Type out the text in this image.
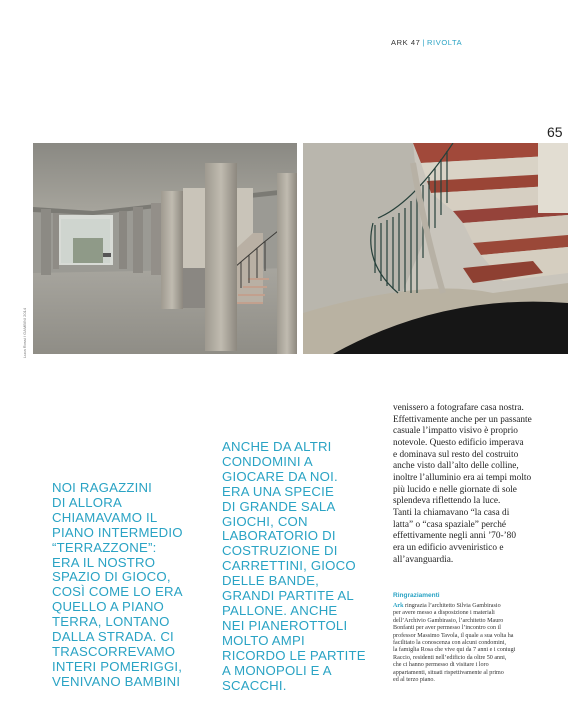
ARK 47 | RIVOLTA
65
Luca Rossi / GAMBINI 2014

NOI RAGAZZINI

DI ALLORA

CHIAMAVAMO IL

PIANO INTERMEDIO

“TERRAZZONE”:

ERA IL NOSTRO

SPAZIO DI GIOCO,

COSÌ COME LO ERA

QUELLO A PIANO

TERRA, LONTANO

DALLA STRADA. CI

TRASCORREVAMO

INTERI POMERIGGI,

VENIVANO BAMBINI

ANCHE DA ALTRI

CONDOMINI A

GIOCARE DA NOI.

ERA UNA SPECIE

DI GRANDE SALA

GIOCHI, CON

LABORATORIO DI

COSTRUZIONE DI

CARRETTINI, GIOCO

DELLE BANDE,

GRANDI PARTITE AL

PALLONE. ANCHE

NEI PIANEROTTOLI

MOLTO AMPI

RICORDO LE PARTITE

A MONOPOLI E A

SCACCHI.

venissero a fotografare casa nostra.
Effettivamente anche per un passante
casuale l’impatto visivo è proprio
notevole. Questo edificio imperava
e dominava sul resto del costruito
anche visto dall’alto delle colline,
inoltre l’alluminio era ai tempi molto
più lucido e nelle giornate di sole
splendeva riflettendo la luce.
Tanti la chiamavano “la casa di
latta” o “casa spaziale” perché
effettivamente negli anni ’70-’80
era un edificio avveniristico e
all’avanguardia.
Ringraziamenti
Ark ringrazia l’architetto Silvia Gambirasio
per avere messo a disposizione i materiali
dell’Archivio Gambirasio, l’architetto Mauro
Bonfanti per aver permesso l’incontro con il
professor Massimo Tavola, il quale a sua volta ha
facilitato la conoscenza con alcuni condomini,
la famiglia Rosa che vive qui da 7 anni e i coniugi
Raccio, residenti nell’edificio da oltre 50 anni,
che ci hanno permesso di visitare i loro
appartamenti, situati rispettivamente al primo
ed al terzo piano.
